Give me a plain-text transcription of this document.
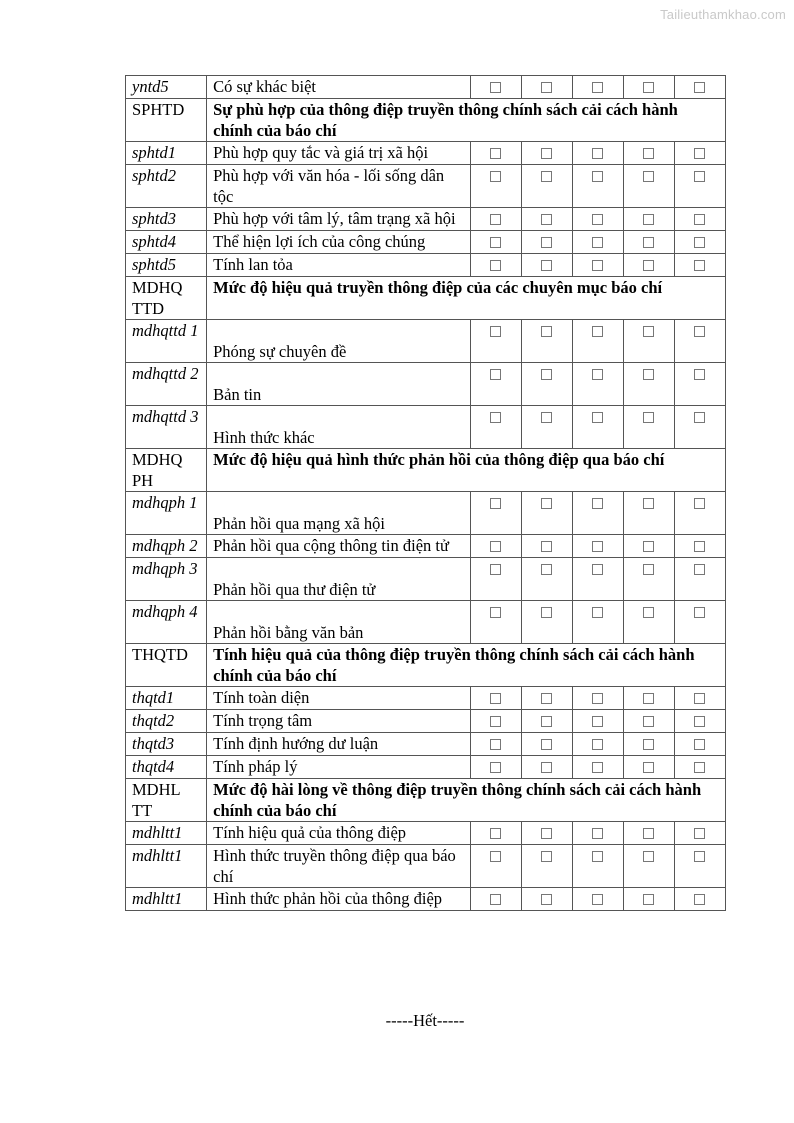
Tailieuthamkhao.com
yntd5	Có sự khác biệt					

SPHTD	Sự phù hợp của thông điệp truyền thông chính sách cải cách hành chính của báo chí					
sphtd1	Phù hợp quy tắc và giá trị xã hội					

sphtd2	Phù hợp với văn hóa - lối sống dân tộc					

sphtd3	Phù hợp với tâm lý, tâm trạng xã hội					

sphtd4	Thể hiện lợi ích của công chúng					

sphtd5	Tính lan tỏa					

MDHQ TTD	Mức độ hiệu quả truyền thông điệp của các chuyên mục báo chí					
mdhqttd 1	Phóng sự chuyên đề					

mdhqttd 2	Bản tin					

mdhqttd 3	Hình thức khác					

MDHQ PH	Mức độ hiệu quả hình thức phản hồi của thông điệp qua báo chí					
mdhqph 1	Phản hồi qua mạng xã hội					

mdhqph 2	Phản hồi qua cộng thông tin điện tử					

mdhqph 3	Phản hồi qua thư điện tử					

mdhqph 4	Phản hồi bằng văn bản					

THQTD	Tính hiệu quả của thông điệp truyền thông chính sách cải cách hành chính của báo chí					
thqtd1	Tính toàn diện					

thqtd2	Tính trọng tâm					

thqtd3	Tính định hướng dư luận					

thqtd4	Tính pháp lý					

MDHL TT	Mức độ hài lòng về thông điệp truyền thông chính sách cải cách hành chính của báo chí					
mdhltt1	Tính hiệu quả của thông điệp					

mdhltt1	Hình thức truyền thông điệp qua báo chí					

mdhltt1	Hình thức phản hồi của thông điệp					

-----Hết-----
